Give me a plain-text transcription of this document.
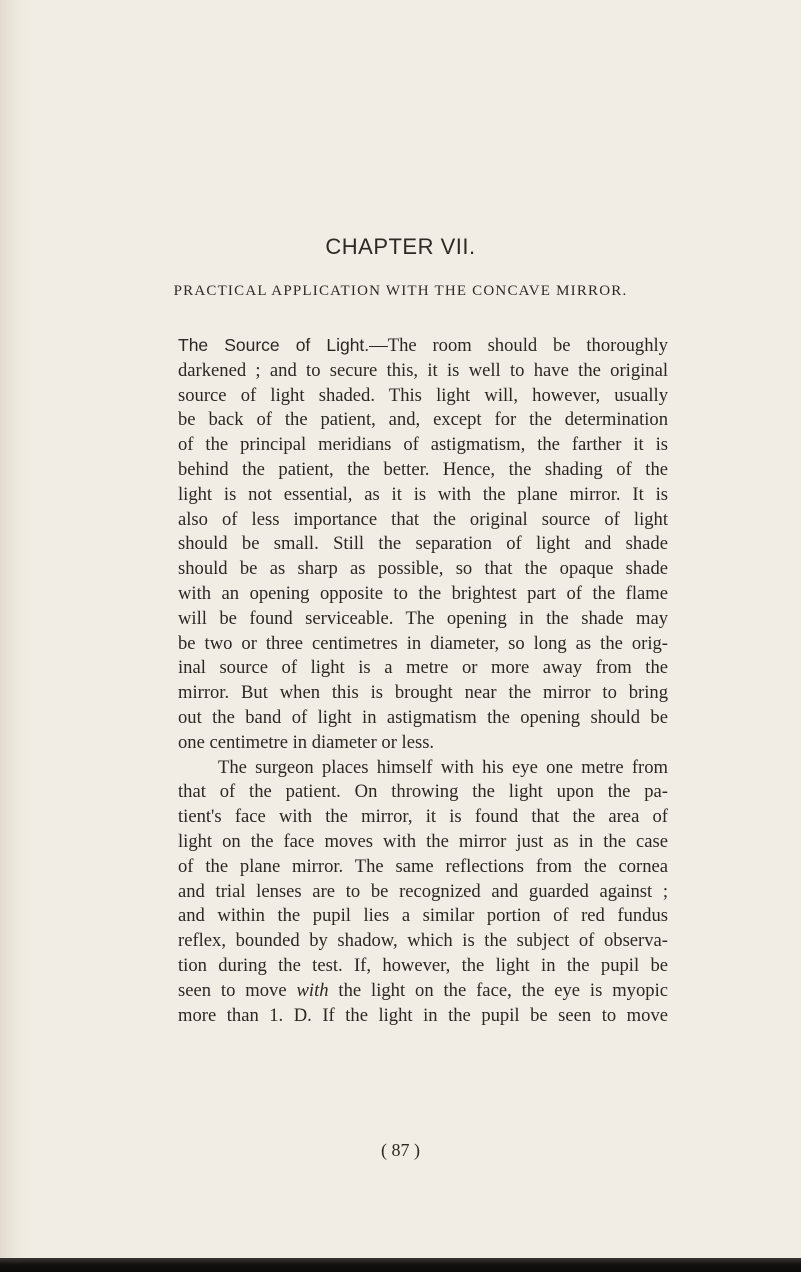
CHAPTER VII.
PRACTICAL APPLICATION WITH THE CONCAVE MIRROR.
The Source of Light.—The room should be thoroughly
darkened ; and to secure this, it is well to have the original
source of light shaded. This light will, however, usually
be back of the patient, and, except for the determination
of the principal meridians of astigmatism, the farther it is
behind the patient, the better. Hence, the shading of the
light is not essential, as it is with the plane mirror. It is
also of less importance that the original source of light
should be small. Still the separation of light and shade
should be as sharp as possible, so that the opaque shade
with an opening opposite to the brightest part of the flame
will be found serviceable. The opening in the shade may
be two or three centimetres in diameter, so long as the orig-
inal source of light is a metre or more away from the
mirror. But when this is brought near the mirror to bring
out the band of light in astigmatism the opening should be
one centimetre in diameter or less.
The surgeon places himself with his eye one metre from
that of the patient. On throwing the light upon the pa-
tient's face with the mirror, it is found that the area of
light on the face moves with the mirror just as in the case
of the plane mirror. The same reflections from the cornea
and trial lenses are to be recognized and guarded against ;
and within the pupil lies a similar portion of red fundus
reflex, bounded by shadow, which is the subject of observa-
tion during the test. If, however, the light in the pupil be
seen to move with the light on the face, the eye is myopic
more than 1. D. If the light in the pupil be seen to move
( 87 )
